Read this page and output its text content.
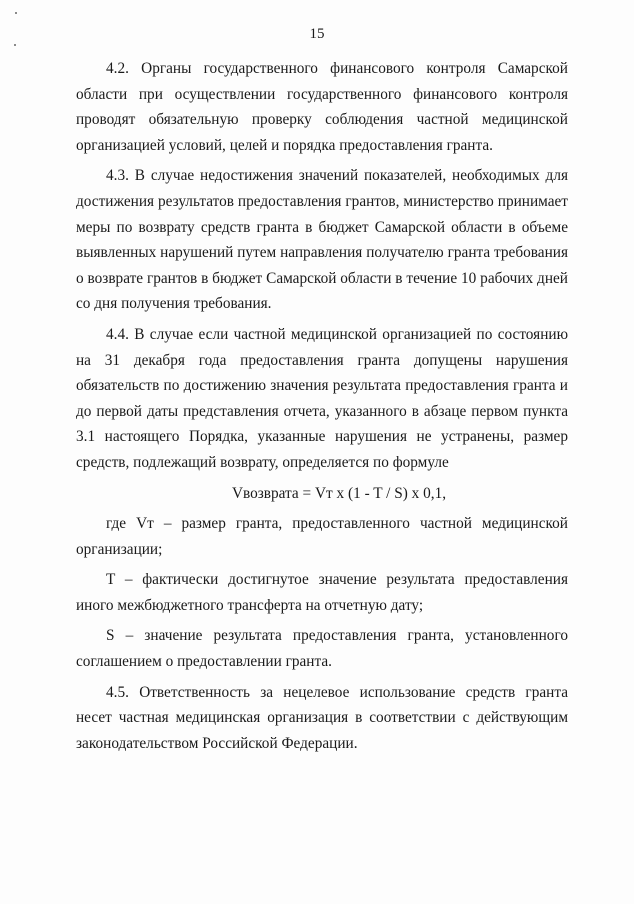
15

4.2. Органы государственного финансового контроля Самарской области при осуществлении государственного финансового контроля проводят обязательную проверку соблюдения частной медицинской организацией условий, целей и порядка предоставления гранта.

4.3. В случае недостижения значений показателей, необходимых для достижения результатов предоставления грантов, министерство принимает меры по возврату средств гранта в бюджет Самарской области в объеме выявленных нарушений путем направления получателю гранта требования о возврате грантов в бюджет Самарской области в течение 10 рабочих дней со дня получения требования.

4.4. В случае если частной медицинской организацией по состоянию на 31 декабря года предоставления гранта допущены нарушения обязательств по достижению значения результата предоставления гранта и до первой даты представления отчета, указанного в абзаце первом пункта 3.1 настоящего Порядка, указанные нарушения не устранены, размер средств, подлежащий возврату, определяется по формуле

Vвозврата = Vт x (1 - T / S) x 0,1,

где Vт – размер гранта, предоставленного частной медицинской организации;

T – фактически достигнутое значение результата предоставления иного межбюджетного трансферта на отчетную дату;

S – значение результата предоставления гранта, установленного соглашением о предоставлении гранта.

4.5. Ответственность за нецелевое использование средств гранта несет частная медицинская организация в соответствии с действующим законодательством Российской Федерации.
